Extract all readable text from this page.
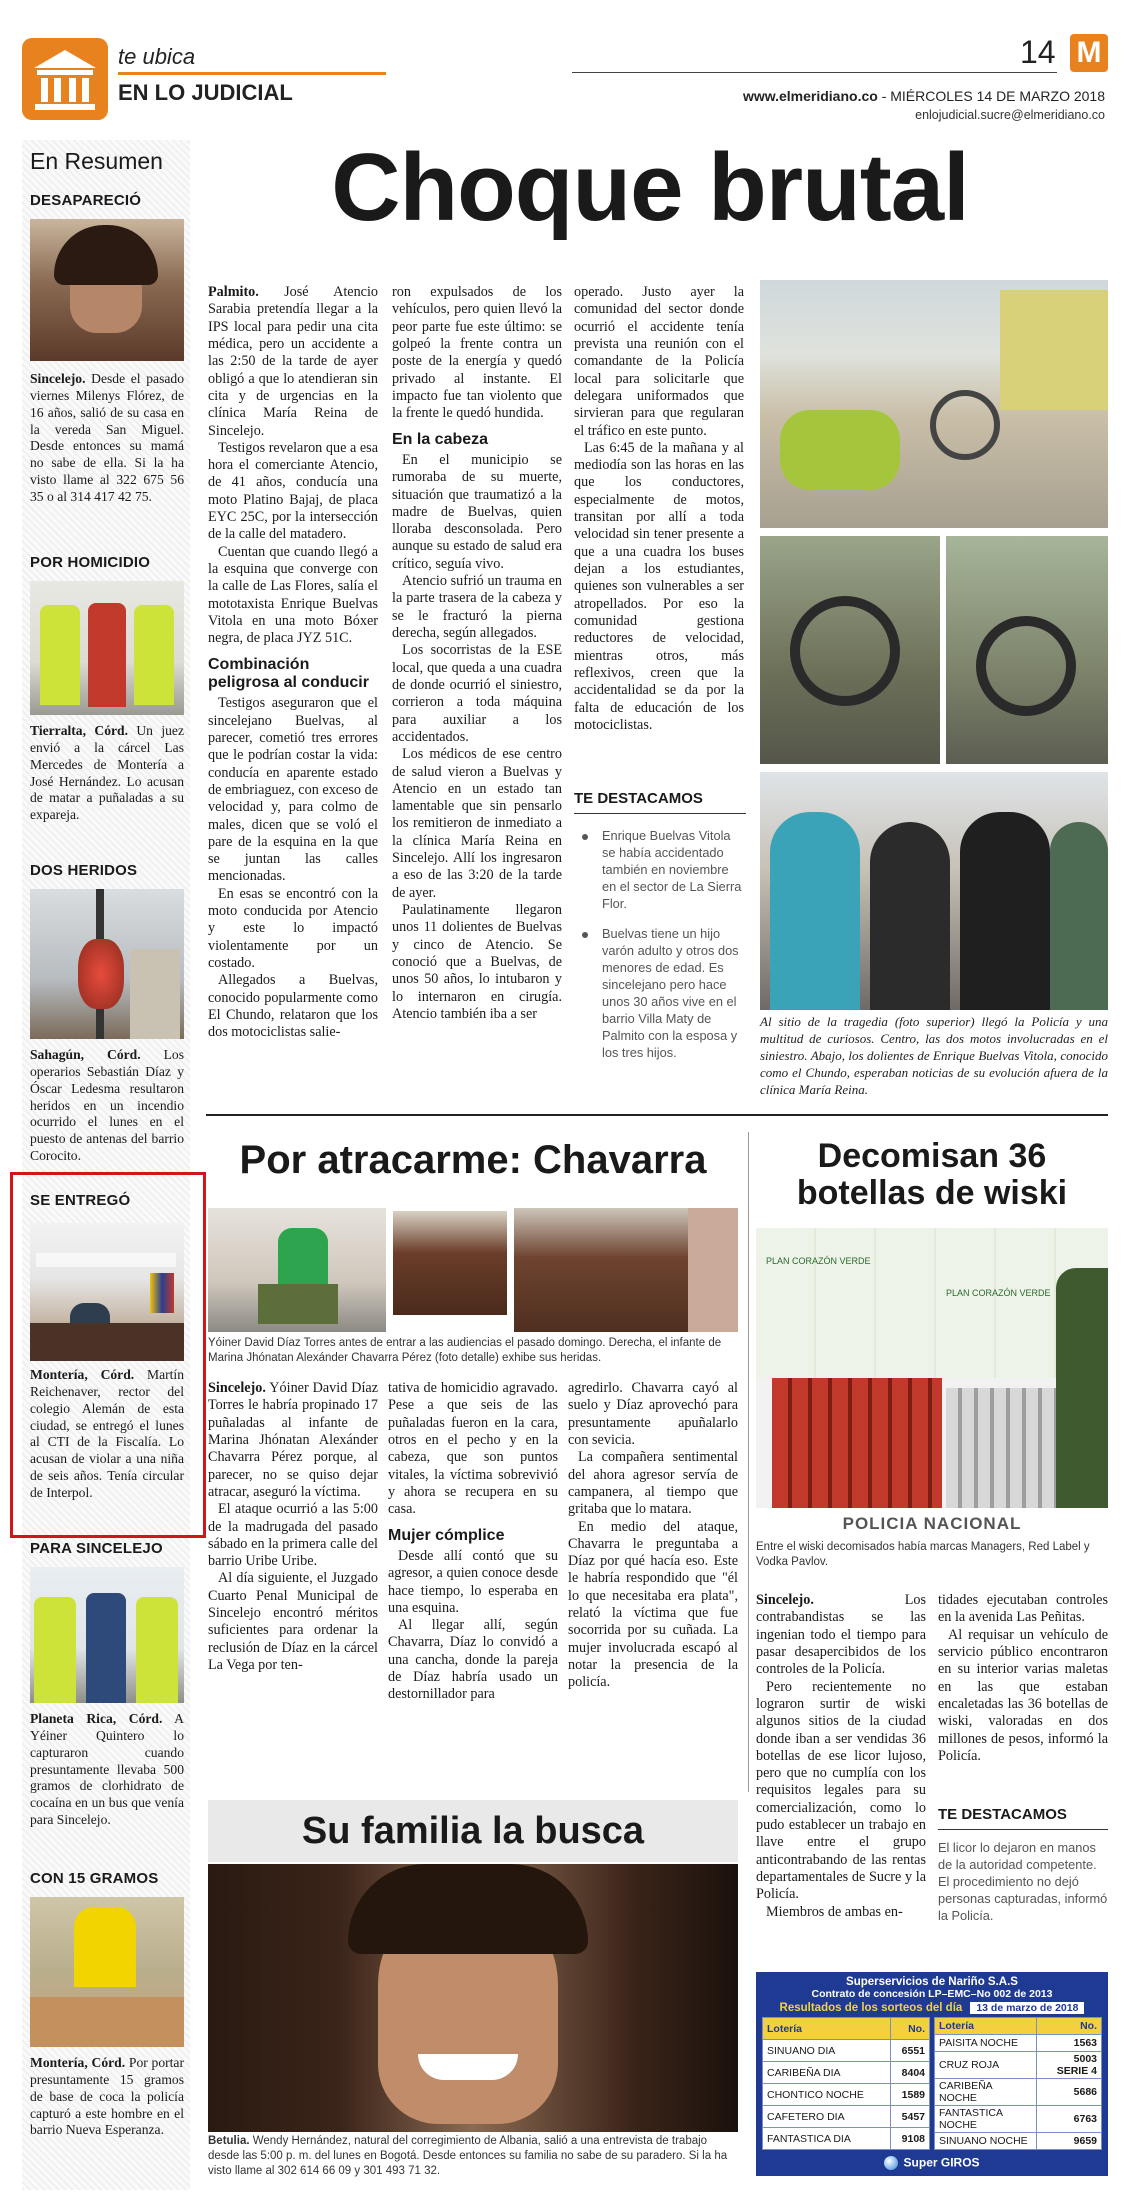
te ubica
EN LO JUDICIAL
14 M
www.elmeridiano.co - MIÉRCOLES 14 DE MARZO 2018
enlojudicial.sucre@elmeridiano.co
En Resumen
DESAPARECIÓ
Sincelejo. Desde el pasado viernes Milenys Flórez, de 16 años, salió de su casa en la vereda San Miguel. Desde entonces su mamá no sabe de ella. Si la ha visto llame al 322 675 56 35 o al 314 417 42 75.
POR HOMICIDIO
Tierralta, Córd. Un juez envió a la cárcel Las Mercedes de Montería a José Hernández. Lo acusan de matar a puñaladas a su expareja.
DOS HERIDOS
Sahagún, Córd. Los operarios Sebastián Díaz y Óscar Ledesma resultaron heridos en un incendio ocurrido el lunes en el puesto de antenas del barrio Corocito.
SE ENTREGÓ
Montería, Córd. Martín Reichenaver, rector del colegio Alemán de esta ciudad, se entregó el lunes al CTI de la Fiscalía. Lo acusan de violar a una niña de seis años. Tenía circular de Interpol.
PARA SINCELEJO
Planeta Rica, Córd. A Yéiner Quintero lo capturaron cuando presuntamente llevaba 500 gramos de clorhidrato de cocaína en un bus que venía para Sincelejo.
CON 15 GRAMOS
Montería, Córd. Por portar presuntamente 15 gramos de base de coca la policía capturó a este hombre en el barrio Nueva Esperanza.
Choque brutal

Palmito. José Atencio Sarabia pretendía llegar a la IPS local para pedir una cita médica, pero un accidente a las 2:50 de la tarde de ayer obligó a que lo atendieran sin cita y de urgencias en la clínica María Reina de Sincelejo.

Testigos revelaron que a esa hora el comerciante Atencio, de 41 años, conducía una moto Platino Bajaj, de placa EYC 25C, por la intersección de la calle del matadero.

Cuentan que cuando llegó a la esquina que converge con la calle de Las Flores, salía el mototaxista Enrique Buelvas Vitola en una moto Bóxer negra, de placa JYZ 51C.

Combinación peligrosa al conducir

Testigos aseguraron que el sincelejano Buelvas, al parecer, cometió tres errores que le podrían costar la vida: conducía en aparente estado de embriaguez, con exceso de velocidad y, para colmo de males, dicen que se voló el pare de la esquina en la que se juntan las calles mencionadas.

En esas se encontró con la moto conducida por Atencio y este lo impactó violentamente por un costado.

Allegados a Buelvas, conocido popularmente como El Chundo, relataron que los dos motociclistas salie-

ron expulsados de los vehículos, pero quien llevó la peor parte fue este último: se golpeó la frente contra un poste de la energía y quedó privado al instante. El impacto fue tan violento que la frente le quedó hundida.

En la cabeza

En el municipio se rumoraba de su muerte, situación que traumatizó a la madre de Buelvas, quien lloraba desconsolada. Pero aunque su estado de salud era crítico, seguía vivo.

Atencio sufrió un trauma en la parte trasera de la cabeza y se le fracturó la pierna derecha, según allegados.

Los socorristas de la ESE local, que queda a una cuadra de donde ocurrió el siniestro, corrieron a toda máquina para auxiliar a los accidentados.

Los médicos de ese centro de salud vieron a Buelvas y Atencio en un estado tan lamentable que sin pensarlo los remitieron de inmediato a la clínica María Reina en Sincelejo. Allí los ingresaron a eso de las 3:20 de la tarde de ayer.

Paulatinamente llegaron unos 11 dolientes de Buelvas y cinco de Atencio. Se conoció que a Buelvas, de unos 50 años, lo intubaron y lo internaron en cirugía. Atencio también iba a ser

operado. Justo ayer la comunidad del sector donde ocurrió el accidente tenía prevista una reunión con el comandante de la Policía local para solicitarle que delegara uniformados que sirvieran para que regularan el tráfico en este punto.

Las 6:45 de la mañana y al mediodía son las horas en las que los conductores, especialmente de motos, transitan por allí a toda velocidad sin tener presente a que a una cuadra los buses dejan a los estudiantes, quienes son vulnerables a ser atropellados. Por eso la comunidad gestiona reductores de velocidad, mientras otros, más reflexivos, creen que la accidentalidad se da por la falta de educación de los motociclistas.

TE DESTACAMOS
Enrique Buelvas Vitola se había accidentado también en noviembre en el sector de La Sierra Flor.
Buelvas tiene un hijo varón adulto y otros dos menores de edad. Es sincelejano pero hace unos 30 años vive en el barrio Villa Maty de Palmito con la esposa y los tres hijos.
Al sitio de la tragedia (foto superior) llegó la Policía y una multitud de curiosos. Centro, las dos motos involucradas en el siniestro. Abajo, los dolientes de Enrique Buelvas Vitola, conocido como el Chundo, esperaban noticias de su evolución afuera de la clínica María Reina.
Por atracarme: Chavarra
Yóiner David Díaz Torres antes de entrar a las audiencias el pasado domingo. Derecha, el infante de Marina Jhónatan Alexánder Chavarra Pérez (foto detalle) exhibe sus heridas.

Sincelejo. Yóiner David Díaz Torres le habría propinado 17 puñaladas al infante de Marina Jhónatan Alexánder Chavarra Pérez porque, al parecer, no se quiso dejar atracar, aseguró la víctima.

El ataque ocurrió a las 5:00 de la madrugada del pasado sábado en la primera calle del barrio Uribe Uribe.

Al día siguiente, el Juzgado Cuarto Penal Municipal de Sincelejo encontró méritos suficientes para ordenar la reclusión de Díaz en la cárcel La Vega por ten-

tativa de homicidio agravado. Pese a que seis de las puñaladas fueron en la cara, otros en el pecho y en la cabeza, que son puntos vitales, la víctima sobrevivió y ahora se recupera en su casa.

Mujer cómplice

Desde allí contó que su agresor, a quien conoce desde hace tiempo, lo esperaba en una esquina.

Al llegar allí, según Chavarra, Díaz lo convidó a una cancha, donde la pareja de Díaz habría usado un destornillador para

agredirlo. Chavarra cayó al suelo y Díaz aprovechó para presuntamente apuñalarlo con sevicia.

La compañera sentimental del ahora agresor servía de campanera, al tiempo que gritaba que lo matara.

En medio del ataque, Chavarra le preguntaba a Díaz por qué hacía eso. Este le habría respondido que "él lo que necesitaba era plata", relató la víctima que fue socorrida por su cuñada. La mujer involucrada escapó al notar la presencia de la policía.

Su familia la busca
Betulia. Wendy Hernández, natural del corregimiento de Albania, salió a una entrevista de trabajo desde las 5:00 p. m. del lunes en Bogotá. Desde entonces su familia no sabe de su paradero. Si la ha visto llame al 302 614 66 09 y 301 493 71 32.
Decomisan 36
botellas de wiski
PLAN CORAZÓN VERDE
PLAN CORAZÓN VERDE
POLICIA NACIONAL
Entre el wiski decomisados había marcas Managers, Red Label y Vodka Pavlov.

Sincelejo. Los contrabandistas se las ingenian todo el tiempo para pasar desapercibidos de los controles de la Policía.

Pero recientemente no lograron surtir de wiski algunos sitios de la ciudad donde iban a ser vendidas 36 botellas de ese licor lujoso, pero que no cumplía con los requisitos legales para su comercialización, como lo pudo establecer un trabajo en llave entre el grupo anticontrabando de las rentas departamentales de Sucre y la Policía.

Miembros de ambas en-

tidades ejecutaban controles en la avenida Las Peñitas.

Al requisar un vehículo de servicio público encontraron en su interior varias maletas en las que estaban encaletadas las 36 botellas de wiski, valoradas en dos millones de pesos, informó la Policía.

TE DESTACAMOS
El licor lo dejaron en manos de la autoridad competente. El procedimiento no dejó personas capturadas, informó la Policía.
Superservicios de Nariño S.A.S
Contrato de concesión LP–EMC–No 002 de 2013
Resultados de los sorteos del día	13 de marzo de 2018
Lotería	No.
SINUANO DIA	6551
CARIBEÑA DIA	8404
CHONTICO NOCHE	1589
CAFETERO DIA	5457
FANTASTICA DIA	9108
Lotería	No.
PAISITA NOCHE	1563
CRUZ ROJA	5003 SERIE 4
CARIBEÑA NOCHE	5686
FANTASTICA NOCHE	6763
SINUANO NOCHE	9659
Super GIROS
